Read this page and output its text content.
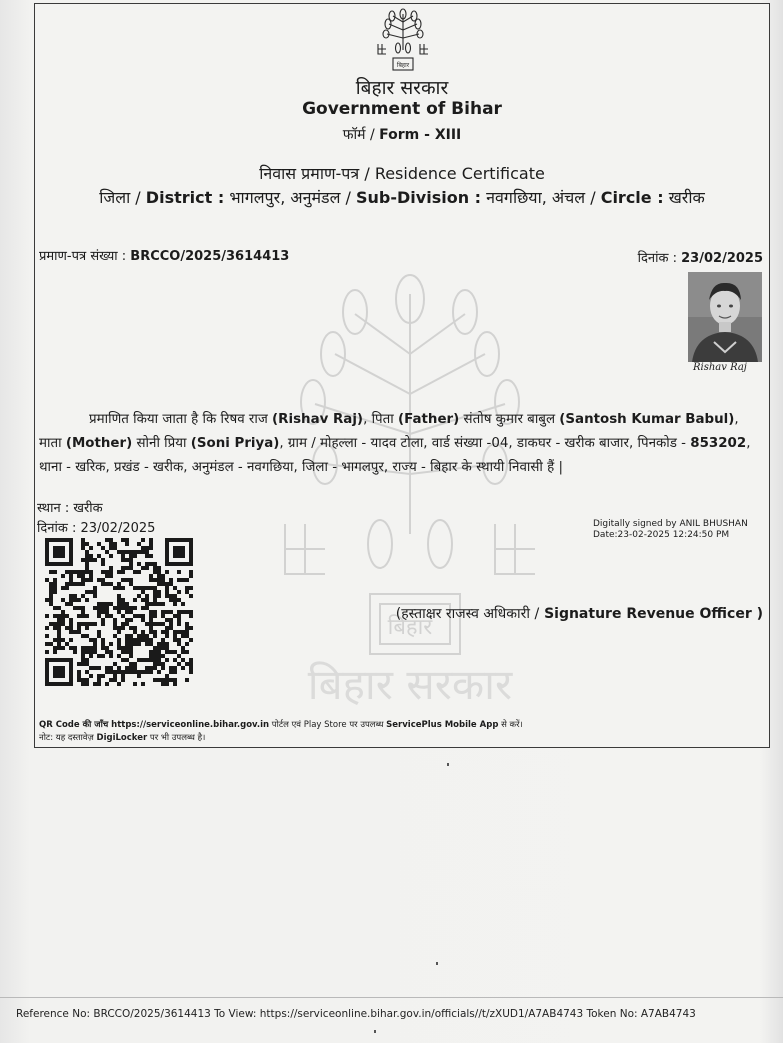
बिहार
बिहार सरकार
बिहार
बिहार सरकार
Government of Bihar
फॉर्म / Form - XIII
निवास प्रमाण-पत्र / Residence Certificate
जिला / District : भागलपुर, अनुमंडल / Sub-Division : नवगछिया, अंचल / Circle : खरीक
प्रमाण-पत्र संख्या : BRCCO/2025/3614413	दिनांक : 23/02/2025
Rishav Raj
प्रमाणित किया जाता है कि रिषव राज (Rishav Raj), पिता (Father) संतोष कुमार बाबुल (Santosh Kumar Babul), माता (Mother) सोनी प्रिया (Soni Priya), ग्राम / मोहल्ला - यादव टोला, वार्ड संख्या -04, डाकघर - खरीक बाजार, पिनकोड - 853202, थाना - खरिक, प्रखंड - खरीक, अनुमंडल - नवगछिया, जिला - भागलपुर, राज्य - बिहार के स्थायी निवासी हैं |
स्थान : खरीक
दिनांक : 23/02/2025	Digitally signed by ANIL BHUSHAN
Date:23-02-2025 12:24:50 PM
(हस्ताक्षर राजस्व अधिकारी / Signature Revenue Officer )
QR Code की जाँच https://serviceonline.bihar.gov.in पोर्टल एवं Play Store पर उपलब्ध ServicePlus Mobile App से करें।
नोट: यह दस्तावेज़ DigiLocker पर भी उपलब्ध है।
Reference No: BRCCO/2025/3614413 To View: https://serviceonline.bihar.gov.in/officials//t/zXUD1/A7AB4743 Token No: A7AB4743
